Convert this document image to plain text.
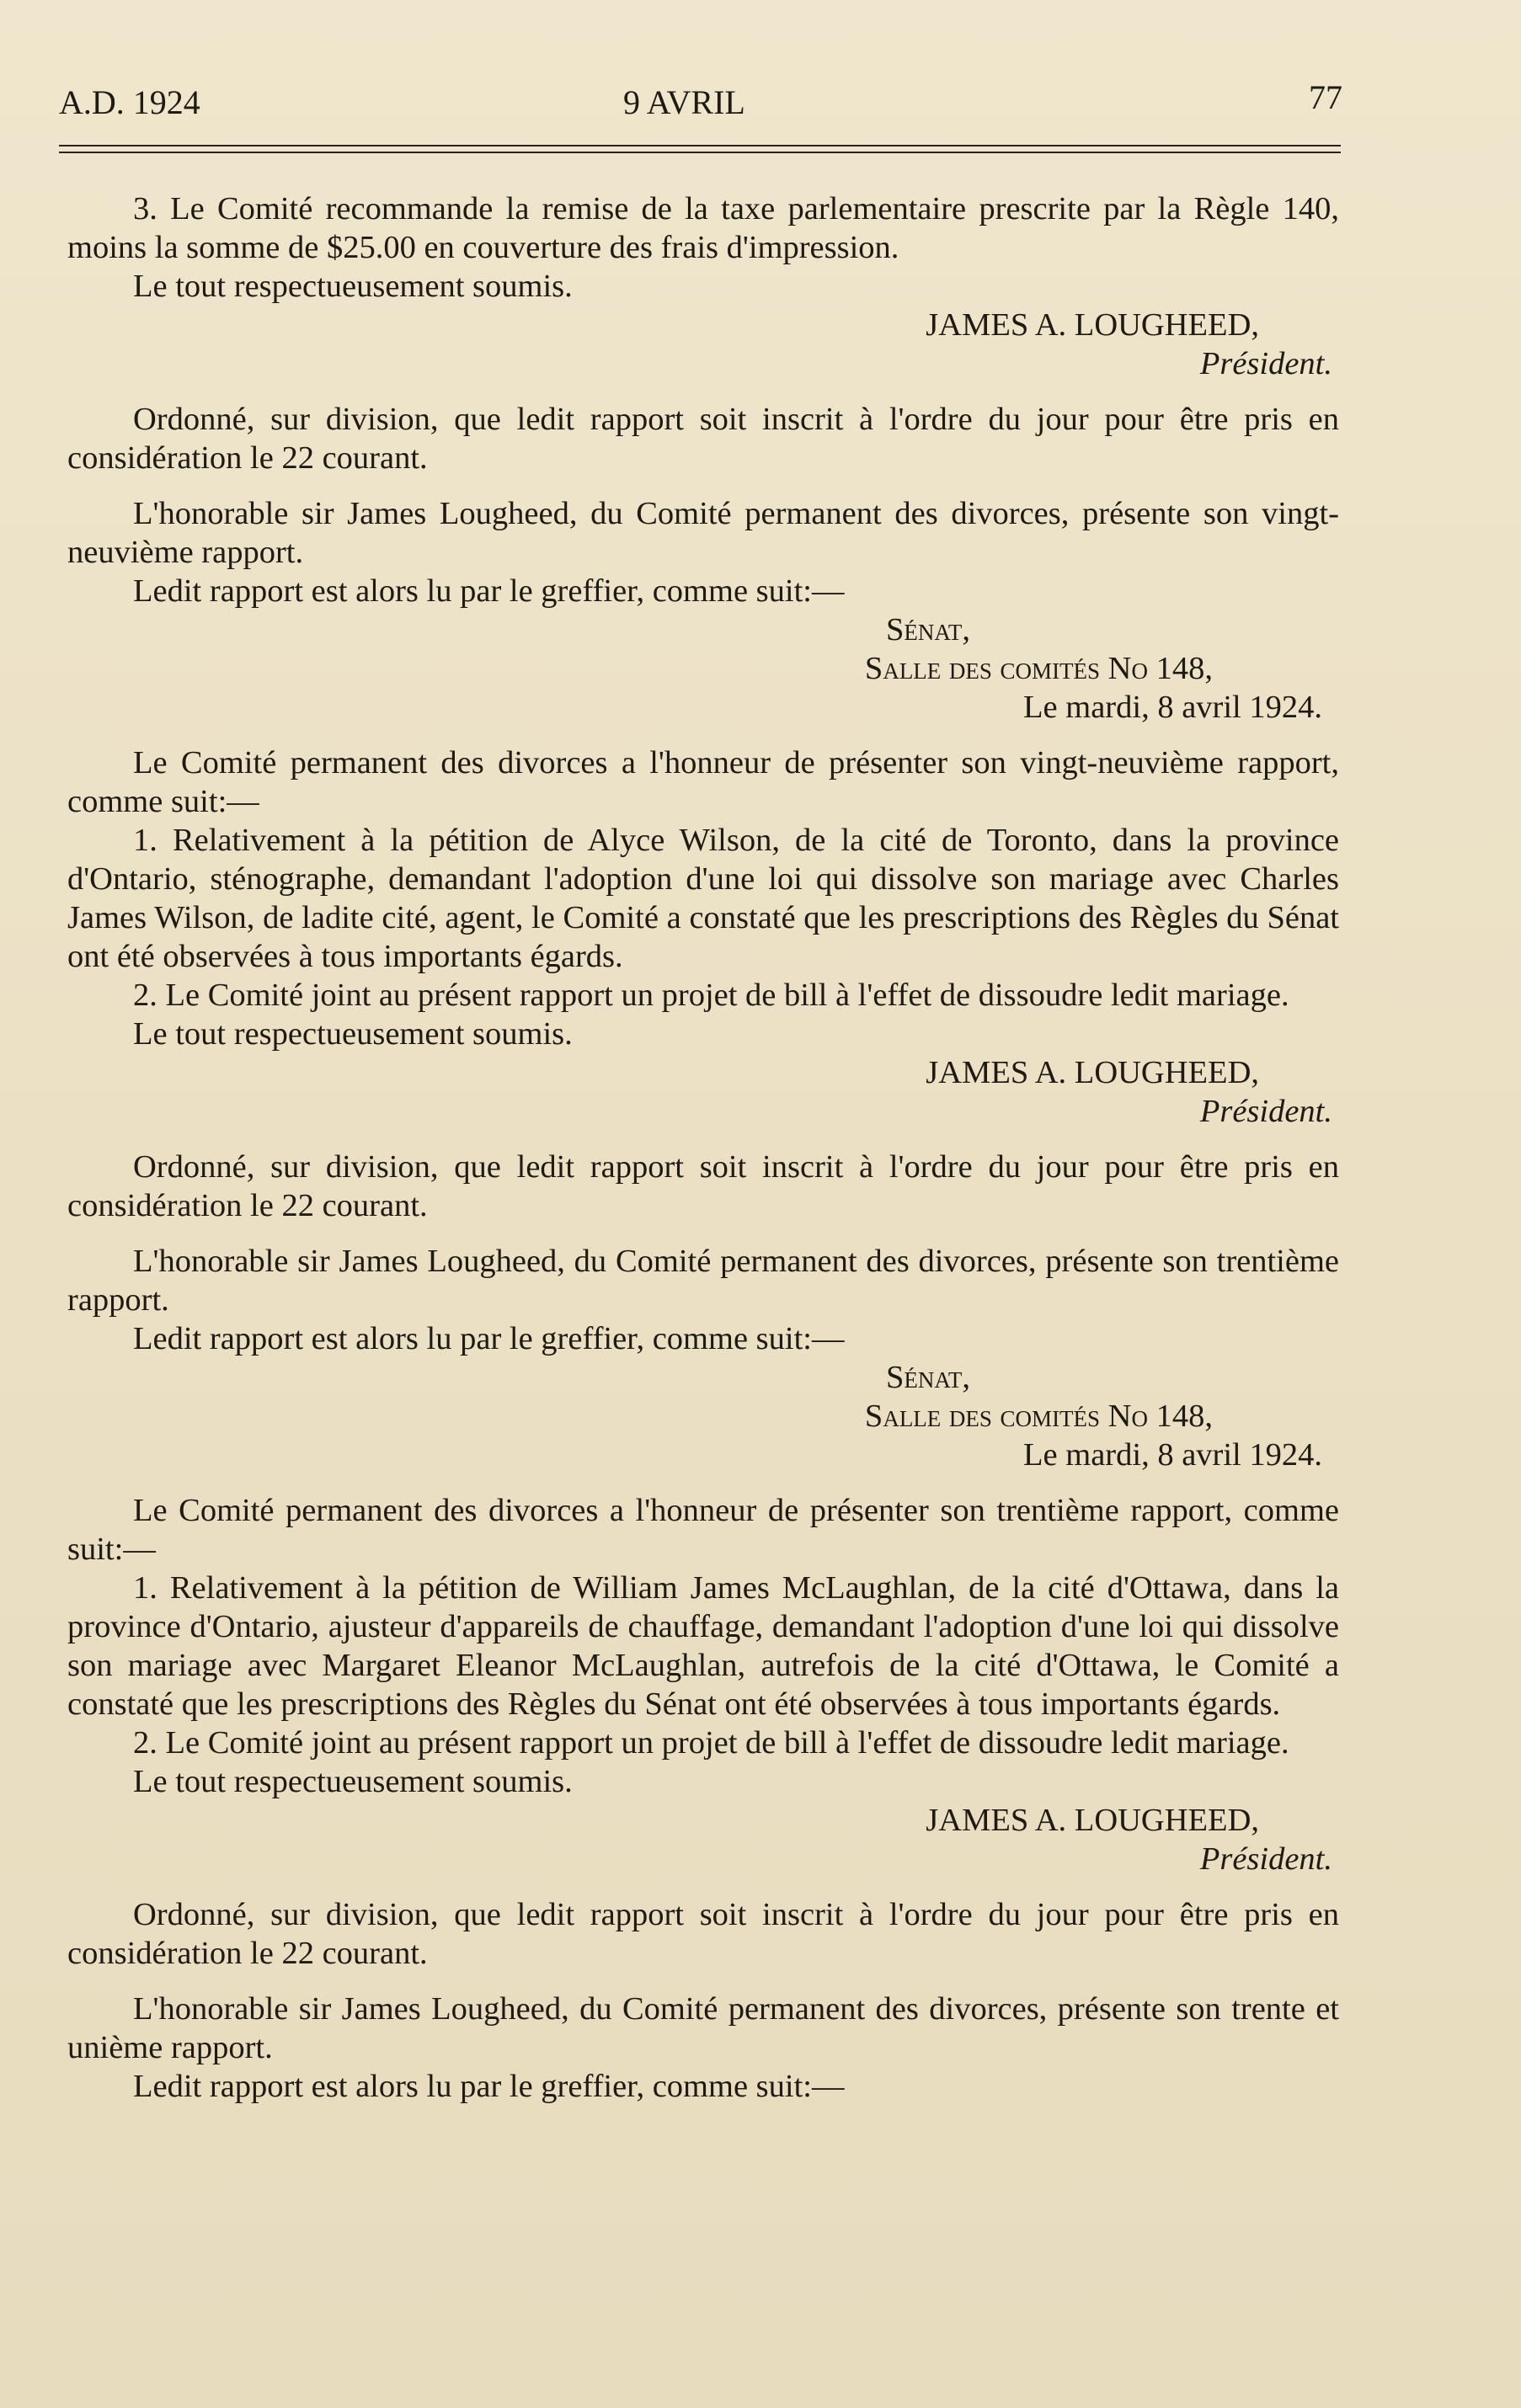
A.D. 1924	9 AVRIL	77

3. Le Comité recommande la remise de la taxe parlementaire prescrite par la Règle 140, moins la somme de $25.00 en couverture des frais d'impression.

Le tout respectueusement soumis.

JAMES A. LOUGHEED,

Président.

Ordonné, sur division, que ledit rapport soit inscrit à l'ordre du jour pour être pris en considération le 22 courant.

L'honorable sir James Lougheed, du Comité permanent des divorces, présente son vingt-neuvième rapport.

Ledit rapport est alors lu par le greffier, comme suit:—

Sénat,

Salle des comités No 148,

Le mardi, 8 avril 1924.

Le Comité permanent des divorces a l'honneur de présenter son vingt-neuvième rapport, comme suit:—

1. Relativement à la pétition de Alyce Wilson, de la cité de Toronto, dans la province d'Ontario, sténographe, demandant l'adoption d'une loi qui dissolve son mariage avec Charles James Wilson, de ladite cité, agent, le Comité a constaté que les prescriptions des Règles du Sénat ont été observées à tous importants égards.

2. Le Comité joint au présent rapport un projet de bill à l'effet de dissoudre ledit mariage.

Le tout respectueusement soumis.

JAMES A. LOUGHEED,

Président.

Ordonné, sur division, que ledit rapport soit inscrit à l'ordre du jour pour être pris en considération le 22 courant.

L'honorable sir James Lougheed, du Comité permanent des divorces, présente son trentième rapport.

Ledit rapport est alors lu par le greffier, comme suit:—

Sénat,

Salle des comités No 148,

Le mardi, 8 avril 1924.

Le Comité permanent des divorces a l'honneur de présenter son trentième rapport, comme suit:—

1. Relativement à la pétition de William James McLaughlan, de la cité d'Ottawa, dans la province d'Ontario, ajusteur d'appareils de chauffage, demandant l'adoption d'une loi qui dissolve son mariage avec Margaret Eleanor McLaughlan, autrefois de la cité d'Ottawa, le Comité a constaté que les prescriptions des Règles du Sénat ont été observées à tous importants égards.

2. Le Comité joint au présent rapport un projet de bill à l'effet de dissoudre ledit mariage.

Le tout respectueusement soumis.

JAMES A. LOUGHEED,

Président.

Ordonné, sur division, que ledit rapport soit inscrit à l'ordre du jour pour être pris en considération le 22 courant.

L'honorable sir James Lougheed, du Comité permanent des divorces, présente son trente et unième rapport.

Ledit rapport est alors lu par le greffier, comme suit:—
